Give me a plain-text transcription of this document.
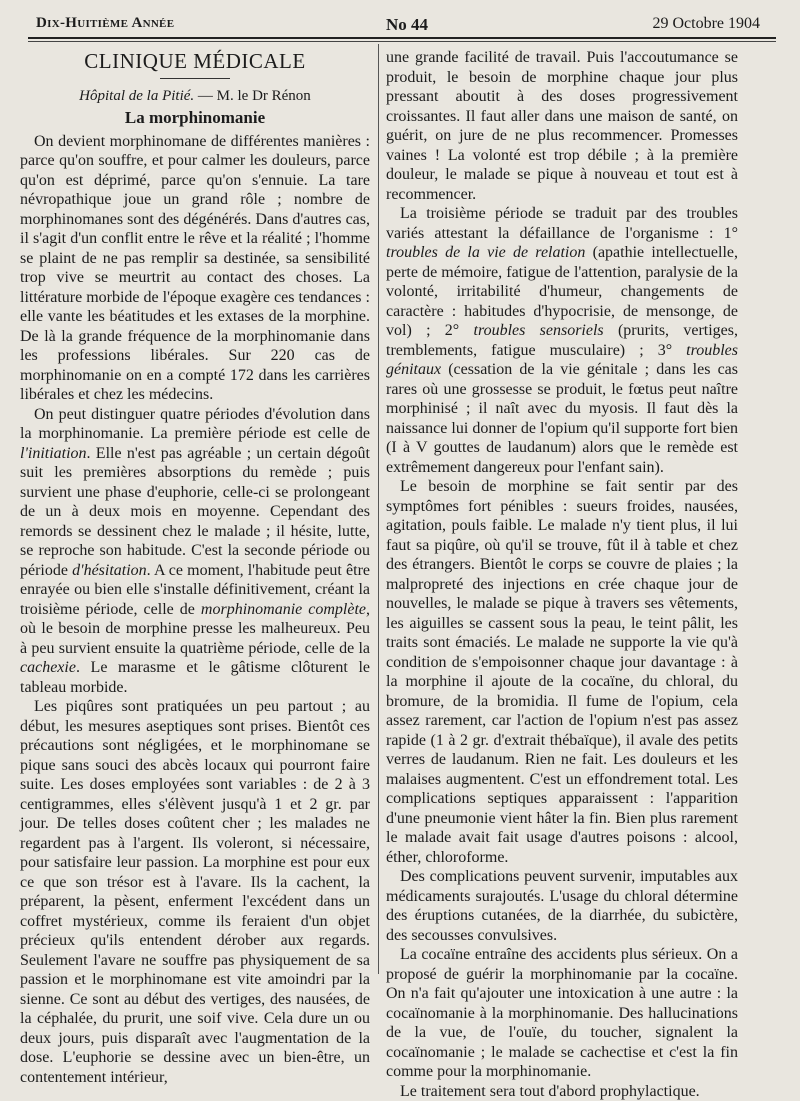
Dix-Huitième Année	No 44	29 Octobre 1904
CLINIQUE MÉDICALE
Hôpital de la Pitié. — M. le Dr Rénon
La morphinomanie

On devient morphinomane de différentes manières : parce qu'on souffre, et pour calmer les douleurs, parce qu'on est déprimé, parce qu'on s'ennuie. La tare névropathique joue un grand rôle ; nombre de morphinomanes sont des dégénérés. Dans d'autres cas, il s'agit d'un conflit entre le rêve et la réalité ; l'homme se plaint de ne pas remplir sa destinée, sa sensibilité trop vive se meurtrit au contact des choses. La littérature morbide de l'époque exagère ces tendances : elle vante les béatitudes et les extases de la morphine. De là la grande fréquence de la morphinomanie dans les professions libérales. Sur 220 cas de morphinomanie on en a compté 172 dans les carrières libérales et chez les médecins.

On peut distinguer quatre périodes d'évolution dans la morphinomanie. La première période est celle de l'initiation. Elle n'est pas agréable ; un certain dégoût suit les premières absorptions du remède ; puis survient une phase d'euphorie, celle-ci se prolongeant de un à deux mois en moyenne. Cependant des remords se dessinent chez le malade ; il hésite, lutte, se reproche son habitude. C'est la seconde période ou période d'hésitation. A ce moment, l'habitude peut être enrayée ou bien elle s'installe définitivement, créant la troisième période, celle de morphinomanie complète, où le besoin de morphine presse les malheureux. Peu à peu survient ensuite la quatrième période, celle de la cachexie. Le marasme et le gâtisme clôturent le tableau morbide.

Les piqûres sont pratiquées un peu partout ; au début, les mesures aseptiques sont prises. Bientôt ces précautions sont négligées, et le morphinomane se pique sans souci des abcès locaux qui pourront faire suite. Les doses employées sont variables : de 2 à 3 centigrammes, elles s'élèvent jusqu'à 1 et 2 gr. par jour. De telles doses coûtent cher ; les malades ne regardent pas à l'argent. Ils voleront, si nécessaire, pour satisfaire leur passion. La morphine est pour eux ce que son trésor est à l'avare. Ils la cachent, la préparent, la pèsent, enferment l'excédent dans un coffret mystérieux, comme ils feraient d'un objet précieux qu'ils entendent dérober aux regards. Seulement l'avare ne souffre pas physiquement de sa passion et le morphinomane est vite amoindri par la sienne. Ce sont au début des vertiges, des nausées, de la céphalée, du prurit, une soif vive. Cela dure un ou deux jours, puis disparaît avec l'augmentation de la dose. L'euphorie se dessine avec un bien-être, un contentement intérieur,

une grande facilité de travail. Puis l'accoutumance se produit, le besoin de morphine chaque jour plus pressant aboutit à des doses progressivement croissantes. Il faut aller dans une maison de santé, on guérit, on jure de ne plus recommencer. Promesses vaines ! La volonté est trop débile ; à la première douleur, le malade se pique à nouveau et tout est à recommencer.

La troisième période se traduit par des troubles variés attestant la défaillance de l'organisme : 1° troubles de la vie de relation (apathie intellectuelle, perte de mémoire, fatigue de l'attention, paralysie de la volonté, irritabilité d'humeur, changements de caractère : habitudes d'hypocrisie, de mensonge, de vol) ; 2° troubles sensoriels (prurits, vertiges, tremblements, fatigue musculaire) ; 3° troubles génitaux (cessation de la vie génitale ; dans les cas rares où une grossesse se produit, le fœtus peut naître morphinisé ; il naît avec du myosis. Il faut dès la naissance lui donner de l'opium qu'il supporte fort bien (I à V gouttes de laudanum) alors que le remède est extrêmement dangereux pour l'enfant sain).

Le besoin de morphine se fait sentir par des symptômes fort pénibles : sueurs froides, nausées, agitation, pouls faible. Le malade n'y tient plus, il lui faut sa piqûre, où qu'il se trouve, fût il à table et chez des étrangers. Bientôt le corps se couvre de plaies ; la malpropreté des injections en crée chaque jour de nouvelles, le malade se pique à travers ses vêtements, les aiguilles se cassent sous la peau, le teint pâlit, les traits sont émaciés. Le malade ne supporte la vie qu'à condition de s'empoisonner chaque jour davantage : à la morphine il ajoute de la cocaïne, du chloral, du bromure, de la bromidia. Il fume de l'opium, cela assez rarement, car l'action de l'opium n'est pas assez rapide (1 à 2 gr. d'extrait thébaïque), il avale des petits verres de laudanum. Rien ne fait. Les douleurs et les malaises augmentent. C'est un effondrement total. Les complications septiques apparaissent : l'apparition d'une pneumonie vient hâter la fin. Bien plus rarement le malade avait fait usage d'autres poisons : alcool, éther, chloroforme.

Des complications peuvent survenir, imputables aux médicaments surajoutés. L'usage du chloral détermine des éruptions cutanées, de la diarrhée, du subictère, des secousses convulsives.

La cocaïne entraîne des accidents plus sérieux. On a proposé de guérir la morphinomanie par la cocaïne. On n'a fait qu'ajouter une intoxication à une autre : la cocaïnomanie à la morphinomanie. Des hallucinations de la vue, de l'ouïe, du toucher, signalent la cocaïnomanie ; le malade se cachectise et c'est la fin comme pour la morphinomanie.

Le traitement sera tout d'abord prophylactique.
